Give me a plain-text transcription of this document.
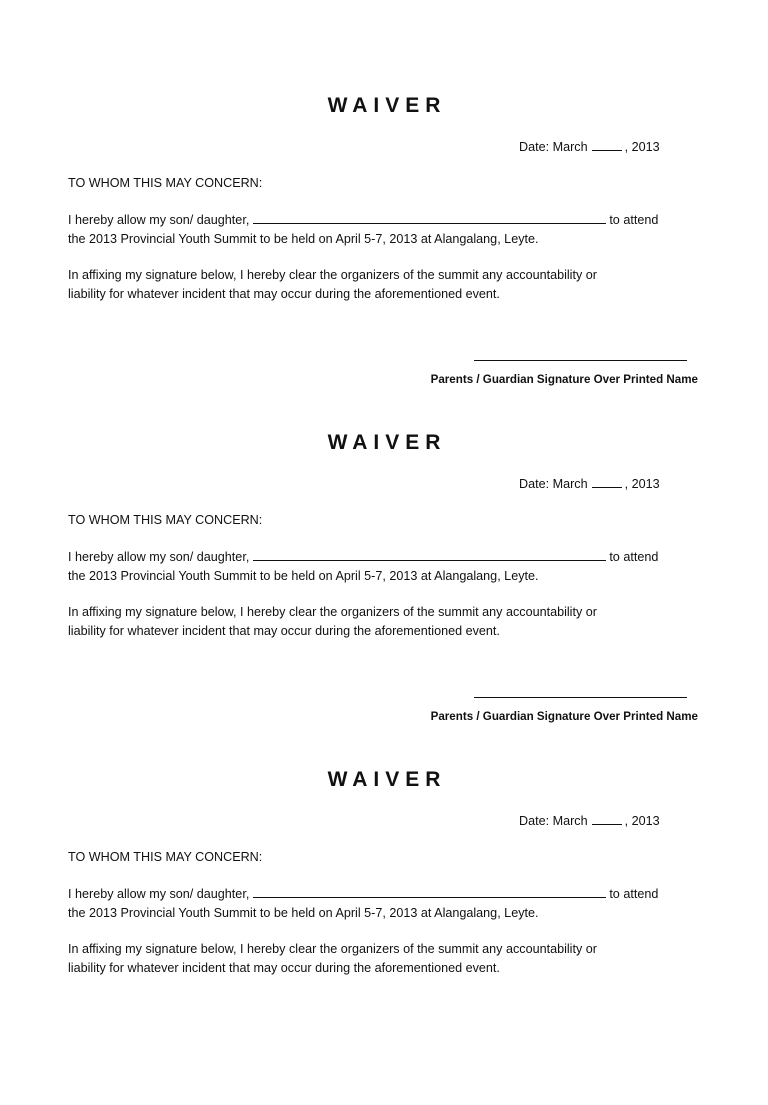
WAIVER
Date: March	, 2013
TO WHOM THIS MAY CONCERN:
I hereby allow my son/ daughter,	to attend
the 2013 Provincial Youth Summit to be held on April 5-7, 2013 at Alangalang, Leyte.
In affixing my signature below, I hereby clear the organizers of the summit any accountability or
liability for whatever incident that may occur during the aforementioned event.
Parents / Guardian Signature Over Printed Name
WAIVER
Date: March	, 2013
TO WHOM THIS MAY CONCERN:
I hereby allow my son/ daughter,	to attend
the 2013 Provincial Youth Summit to be held on April 5-7, 2013 at Alangalang, Leyte.
In affixing my signature below, I hereby clear the organizers of the summit any accountability or
liability for whatever incident that may occur during the aforementioned event.
Parents / Guardian Signature Over Printed Name
WAIVER
Date: March	, 2013
TO WHOM THIS MAY CONCERN:
I hereby allow my son/ daughter,	to attend
the 2013 Provincial Youth Summit to be held on April 5-7, 2013 at Alangalang, Leyte.
In affixing my signature below, I hereby clear the organizers of the summit any accountability or
liability for whatever incident that may occur during the aforementioned event.
